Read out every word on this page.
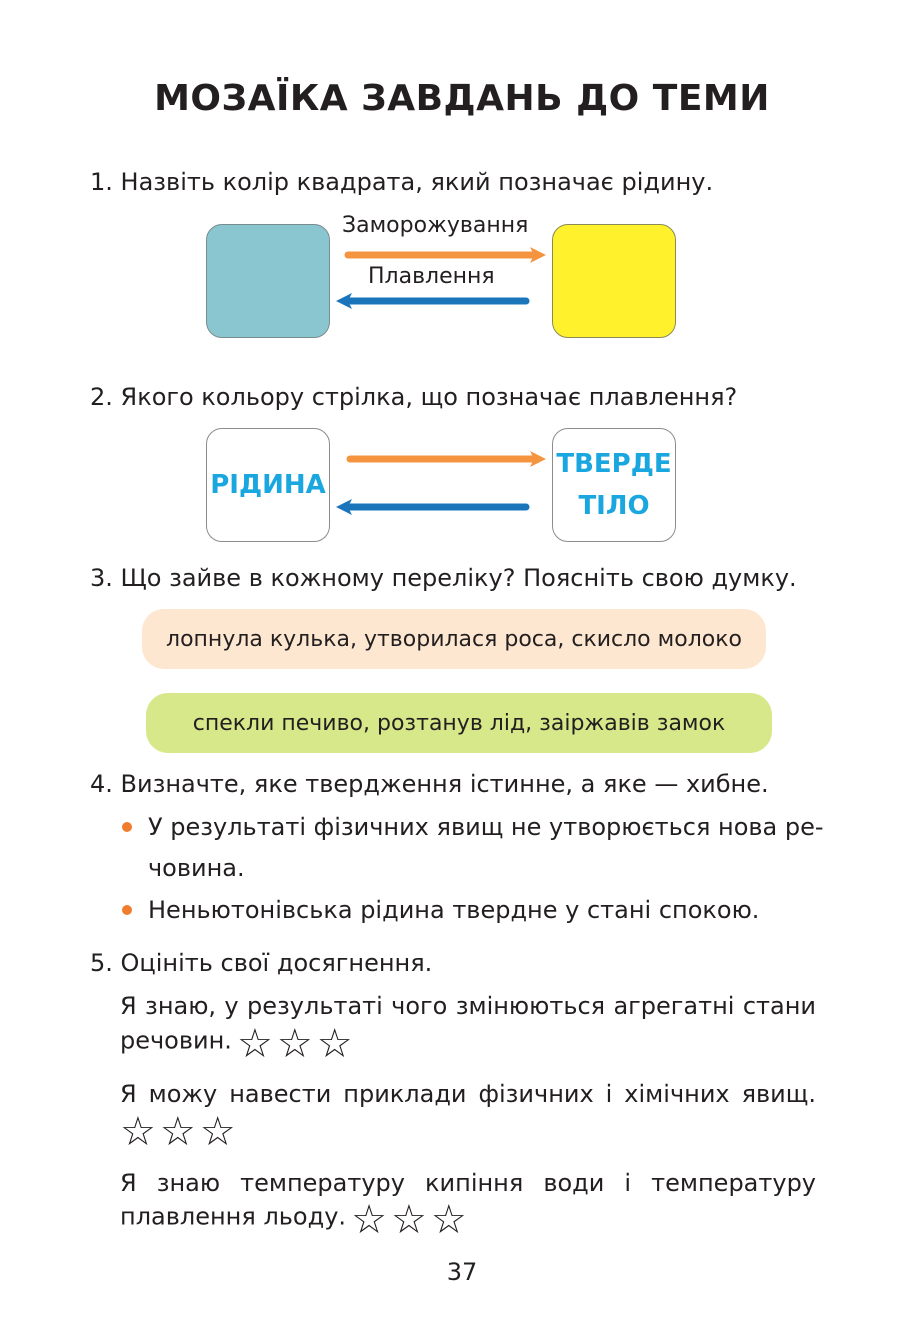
МОЗАЇКА ЗАВДАНЬ ДО ТЕМИ
1. Назвіть колір квадрата, який позначає рідину.
Заморожування
Плавлення
2. Якого кольору стрілка, що позначає плавлення?
РІДИНА
ТВЕРДЕ
ТІЛО
3. Що зайве в кожному переліку? Поясніть свою думку.
лопнула кулька, утворилася роса, скисло молоко
спекли печиво, розтанув лід, заіржавів замок
4. Визначте, яке твердження істинне, а яке — хибне.
У результаті фізичних явищ не утворюється нова ре-
човина.
Неньютонівська рідина твердне у стані спокою.
5. Оцініть свої досягнення.
Я знаю, у результаті чого змінюються агрегатні стани
речовин. ☆ ☆ ☆
Я можу навести приклади фізичних і хімічних явищ.
☆ ☆ ☆
Я знаю температуру кипіння води і температуру
плавлення льоду. ☆ ☆ ☆
37
